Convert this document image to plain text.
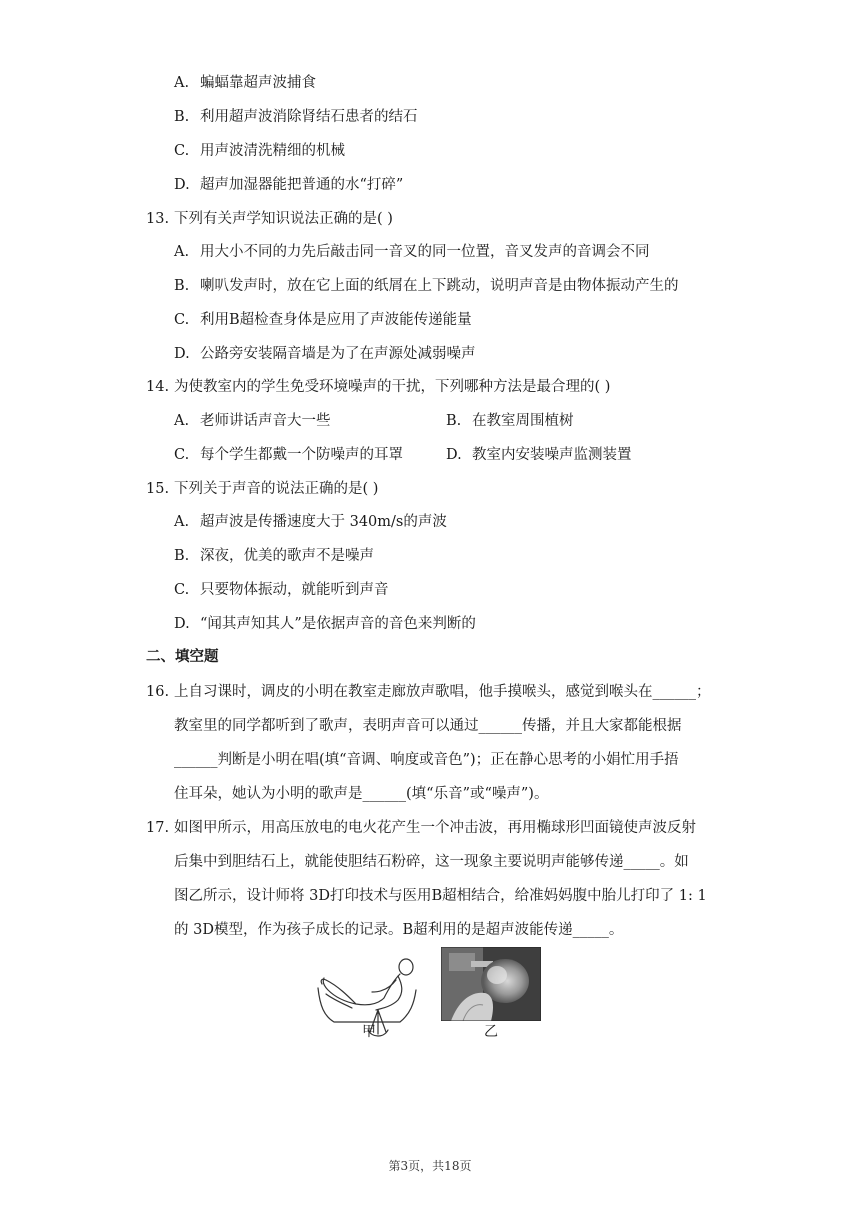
A. 蝙蝠靠超声波捕食
B. 利用超声波消除肾结石患者的结石
C. 用声波清洗精细的机械
D. 超声加湿器能把普通的水“打碎”
13. 下列有关声学知识说法正确的是( )
A. 用大小不同的力先后敲击同一音叉的同一位置，音叉发声的音调会不同
B. 喇叭发声时，放在它上面的纸屑在上下跳动，说明声音是由物体振动产生的
C. 利用B超检查身体是应用了声波能传递能量
D. 公路旁安装隔音墙是为了在声源处减弱噪声
14. 为使教室内的学生免受环境噪声的干扰，下列哪种方法是最合理的( )
A. 老师讲话声音大一些	B. 在教室周围植树
C. 每个学生都戴一个防噪声的耳罩	D. 教室内安装噪声监测装置
15. 下列关于声音的说法正确的是( )
A. 超声波是传播速度大于 340m/s的声波
B. 深夜，优美的歌声不是噪声
C. 只要物体振动，就能听到声音
D. “闻其声知其人”是依据声音的音色来判断的
二、填空题
16. 上自习课时，调皮的小明在教室走廊放声歌唱，他手摸喉头，感觉到喉头在______；
教室里的同学都听到了歌声，表明声音可以通过______传播，并且大家都能根据
______判断是小明在唱(填“音调、响度或音色”)；正在静心思考的小娟忙用手捂
住耳朵，她认为小明的歌声是______(填“乐音”或“噪声”)。
17. 如图甲所示，用高压放电的电火花产生一个冲击波，再用椭球形凹面镜使声波反射
后集中到胆结石上，就能使胆结石粉碎，这一现象主要说明声能够传递_____。如
图乙所示，设计师将 3D打印技术与医用B超相结合，给准妈妈腹中胎儿打印了 1: 1
的 3D模型，作为孩子成长的记录。B超利用的是超声波能传递_____。
甲	乙
第3页，共18页
